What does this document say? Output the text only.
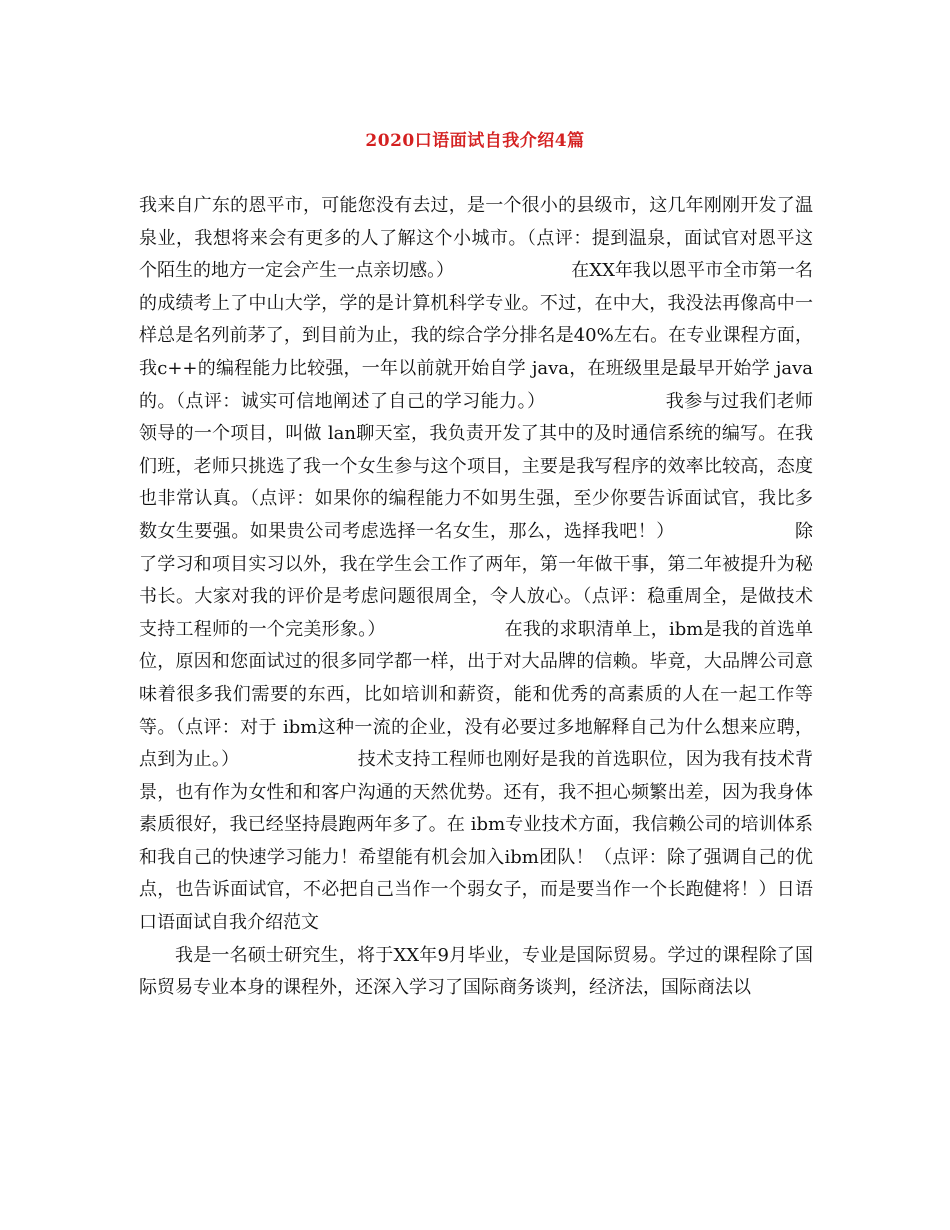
2020口语面试自我介绍4篇

我来自广东的恩平市，可能您没有去过，是一个很小的县级市，这几年刚刚开发了温泉业，我想将来会有更多的人了解这个小城市。（点评：提到温泉，面试官对恩平这个陌生的地方一定会产生一点亲切感。）　　　　　　　在XX年我以恩平市全市第一名的成绩考上了中山大学，学的是计算机科学专业。不过，在中大，我没法再像高中一样总是名列前茅了，到目前为止，我的综合学分排名是40%左右。在专业课程方面，我c++的编程能力比较强，一年以前就开始自学 java，在班级里是最早开始学 java的。（点评：诚实可信地阐述了自己的学习能力。）　　　　　　　我参与过我们老师领导的一个项目，叫做 lan聊天室，我负责开发了其中的及时通信系统的编写。在我们班，老师只挑选了我一个女生参与这个项目，主要是我写程序的效率比较高，态度也非常认真。（点评：如果你的编程能力不如男生强，至少你要告诉面试官，我比多数女生要强。如果贵公司考虑选择一名女生，那么，选择我吧！）　　　　　　　除了学习和项目实习以外，我在学生会工作了两年，第一年做干事，第二年被提升为秘书长。大家对我的评价是考虑问题很周全，令人放心。（点评：稳重周全，是做技术支持工程师的一个完美形象。）　　　　　　　在我的求职清单上，ibm是我的首选单位，原因和您面试过的很多同学都一样，出于对大品牌的信赖。毕竟，大品牌公司意味着很多我们需要的东西，比如培训和薪资，能和优秀的高素质的人在一起工作等等。（点评：对于 ibm这种一流的企业，没有必要过多地解释自己为什么想来应聘，点到为止。）　　　　　　　技术支持工程师也刚好是我的首选职位，因为我有技术背景，也有作为女性和和客户沟通的天然优势。还有，我不担心频繁出差，因为我身体素质很好，我已经坚持晨跑两年多了。在 ibm专业技术方面，我信赖公司的培训体系和我自己的快速学习能力！希望能有机会加入ibm团队！（点评：除了强调自己的优点，也告诉面试官，不必把自己当作一个弱女子，而是要当作一个长跑健将！）日语口语面试自我介绍范文

我是一名硕士研究生，将于XX年9月毕业，专业是国际贸易。学过的课程除了国际贸易专业本身的课程外，还深入学习了国际商务谈判，经济法，国际商法以
